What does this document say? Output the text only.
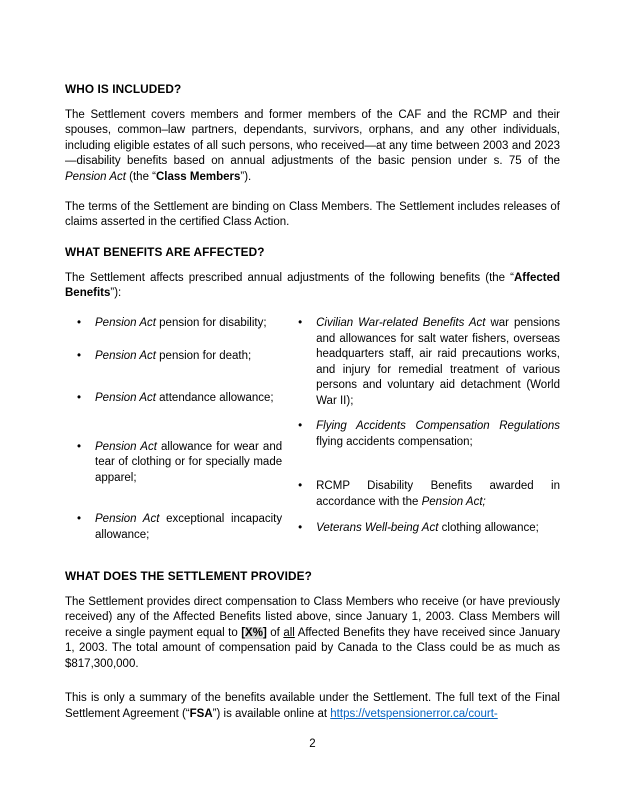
WHO IS INCLUDED?

The Settlement covers members and former members of the CAF and the RCMP and their spouses, common–law partners, dependants, survivors, orphans, and any other individuals, including eligible estates of all such persons, who received—at any time between 2003 and 2023—disability benefits based on annual adjustments of the basic pension under s. 75 of the Pension Act (the “Class Members”).

The terms of the Settlement are binding on Class Members. The Settlement includes releases of claims asserted in the certified Class Action.

WHAT BENEFITS ARE AFFECTED?

The Settlement affects prescribed annual adjustments of the following benefits (the “Affected Benefits”):

• Pension Act pension for disability;
• Pension Act pension for death;
• Pension Act attendance allowance;
• Pension Act allowance for wear and tear of clothing or for specially made apparel;
• Pension Act exceptional incapacity allowance;
• Civilian War-related Benefits Act war pensions and allowances for salt water fishers, overseas headquarters staff, air raid precautions works, and injury for remedial treatment of various persons and voluntary aid detachment (World War II);
• Flying Accidents Compensation Regulations flying accidents compensation;
• RCMP Disability Benefits awarded in accordance with the Pension Act;
• Veterans Well-being Act clothing allowance;
WHAT DOES THE SETTLEMENT PROVIDE?

The Settlement provides direct compensation to Class Members who receive (or have previously received) any of the Affected Benefits listed above, since January 1, 2003. Class Members will receive a single payment equal to [X%] of all Affected Benefits they have received since January 1, 2003. The total amount of compensation paid by Canada to the Class could be as much as $817,300,000.

This is only a summary of the benefits available under the Settlement. The full text of the Final Settlement Agreement (“FSA”) is available online at https://vetspensionerror.ca/court-

2
